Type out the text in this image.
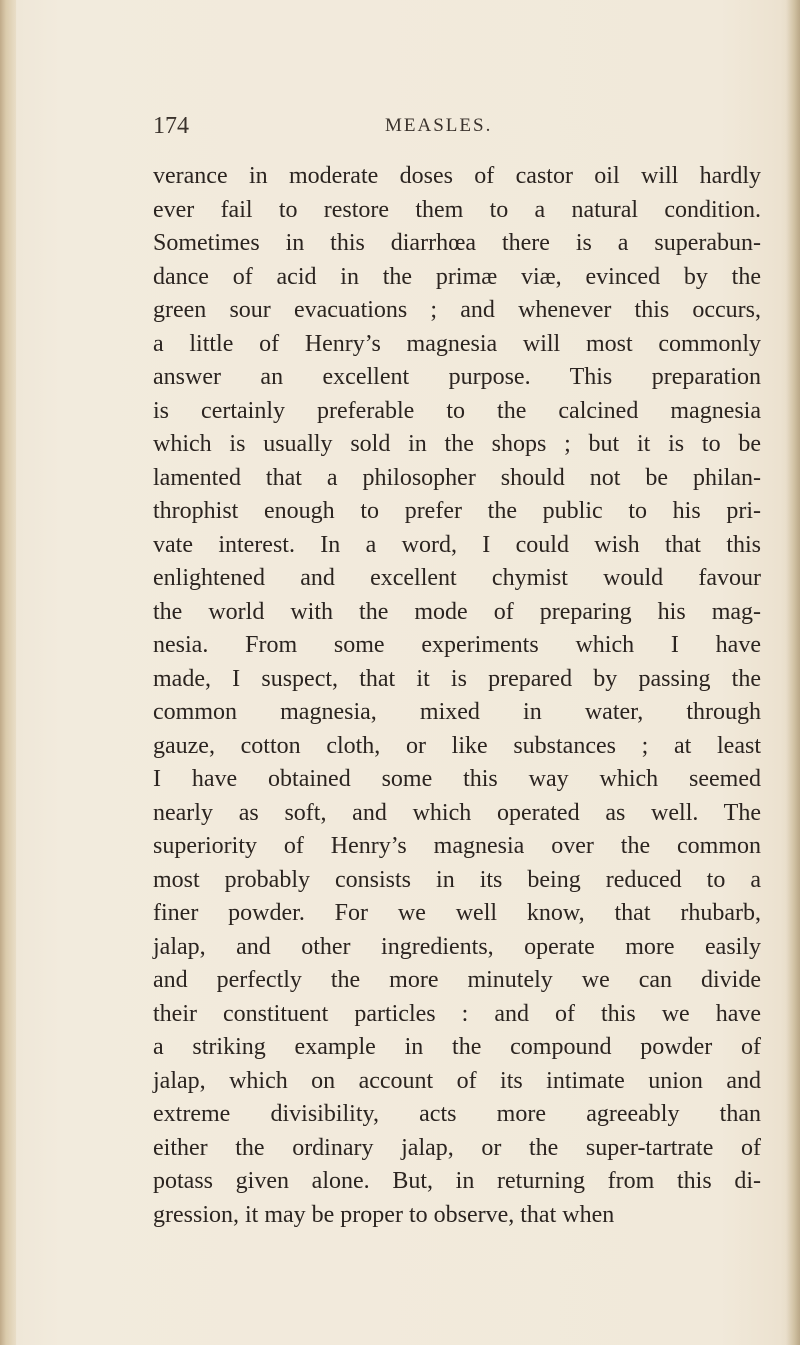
174	MEASLES.
verance in moderate doses of castor oil will hardly
ever fail to restore them to a natural condition.
Sometimes in this diarrhœa there is a superabun-
dance of acid in the primæ viæ, evinced by the
green sour evacuations ; and whenever this occurs,
a little of Henry’s magnesia will most commonly
answer an excellent purpose. This preparation
is certainly preferable to the calcined magnesia
which is usually sold in the shops ; but it is to be
lamented that a philosopher should not be philan-
throphist enough to prefer the public to his pri-
vate interest. In a word, I could wish that this
enlightened and excellent chymist would favour
the world with the mode of preparing his mag-
nesia. From some experiments which I have
made, I suspect, that it is prepared by passing the
common magnesia, mixed in water, through
gauze, cotton cloth, or like substances ; at least
I have obtained some this way which seemed
nearly as soft, and which operated as well. The
superiority of Henry’s magnesia over the common
most probably consists in its being reduced to a
finer powder. For we well know, that rhubarb,
jalap, and other ingredients, operate more easily
and perfectly the more minutely we can divide
their constituent particles : and of this we have
a striking example in the compound powder of
jalap, which on account of its intimate union and
extreme divisibility, acts more agreeably than
either the ordinary jalap, or the super-tartrate of
potass given alone. But, in returning from this di-
gression, it may be proper to observe, that when
